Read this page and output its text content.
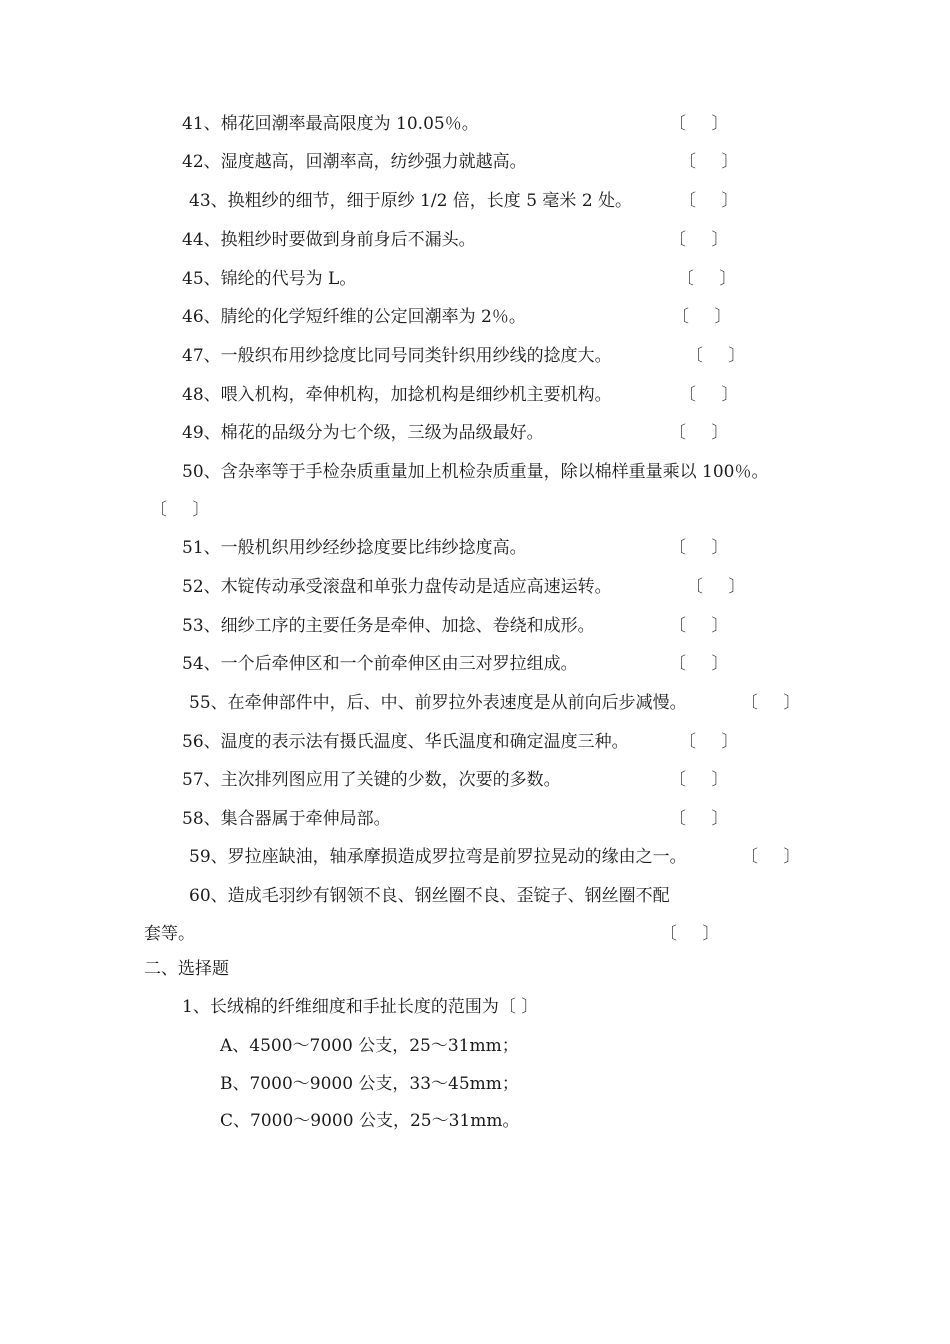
41、棉花回潮率最高限度为 10.05％。	〔 〕
42、湿度越高，回潮率高，纺纱强力就越高。	〔 〕
43、换粗纱的细节，细于原纱 1/2 倍，长度 5 毫米 2 处。	〔 〕
44、换粗纱时要做到身前身后不漏头。	〔 〕
45、锦纶的代号为 L。	〔 〕
46、腈纶的化学短纤维的公定回潮率为 2％。	〔 〕
47、一般织布用纱捻度比同号同类针织用纱线的捻度大。	〔 〕
48、喂入机构，牵伸机构，加捻机构是细纱机主要机构。	〔 〕
49、棉花的品级分为七个级，三级为品级最好。	〔 〕
50、含杂率等于手检杂质重量加上机检杂质重量，除以棉样重量乘以 100％。
〔 〕
51、一般机织用纱经纱捻度要比纬纱捻度高。	〔 〕
52、木锭传动承受滚盘和单张力盘传动是适应高速运转。	〔 〕
53、细纱工序的主要任务是牵伸、加捻、卷绕和成形。	〔 〕
54、一个后牵伸区和一个前牵伸区由三对罗拉组成。	〔 〕
55、在牵伸部件中，后、中、前罗拉外表速度是从前向后步减慢。	〔 〕
56、温度的表示法有摄氏温度、华氏温度和确定温度三种。	〔 〕
57、主次排列图应用了关键的少数，次要的多数。	〔 〕
58、集合器属于牵伸局部。	〔 〕
59、罗拉座缺油，轴承摩损造成罗拉弯是前罗拉晃动的缘由之一。	〔 〕
60、造成毛羽纱有钢领不良、钢丝圈不良、歪锭子、钢丝圈不配
套等。	〔 〕
二、选择题
1、长绒棉的纤维细度和手扯长度的范围为〔 〕
A、4500～7000 公支，25～31mm；
B、7000～9000 公支，33～45mm；
C、7000～9000 公支，25～31mm。
